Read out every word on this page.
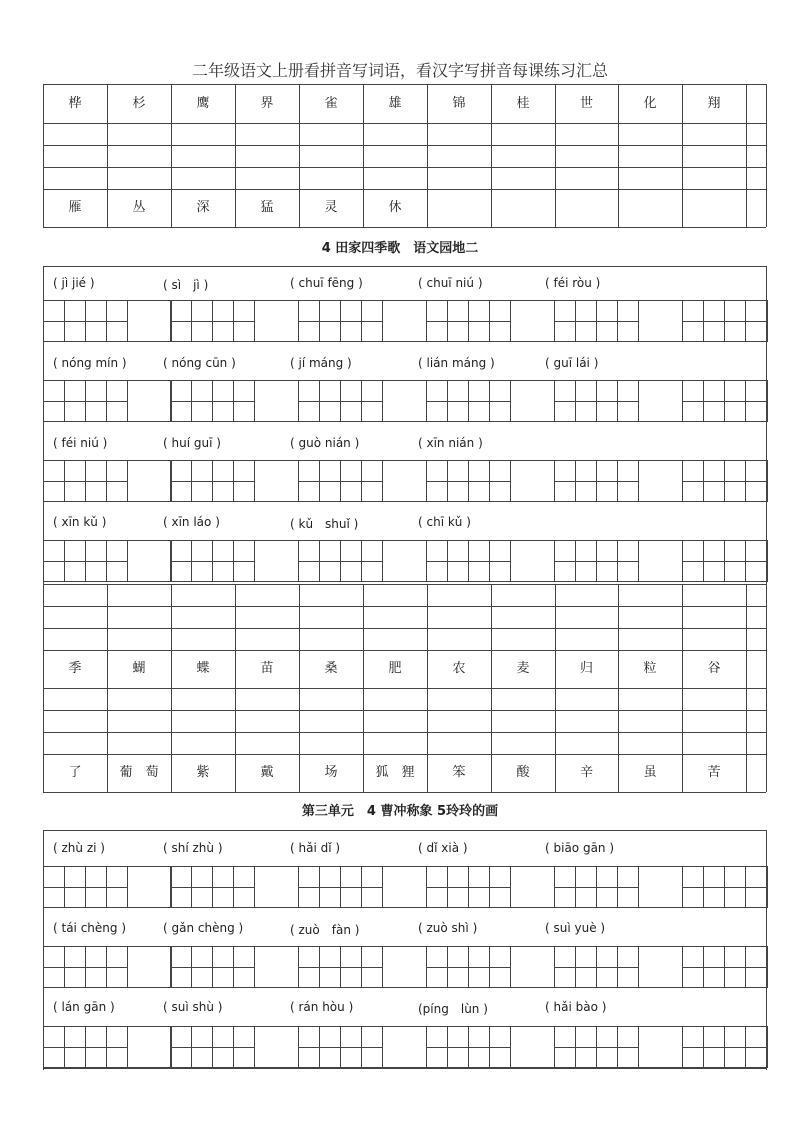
二年级语文上册看拼音写词语，看汉字写拼音每课练习汇总
桦	杉	鹰	界	雀	雄	锦	桂	世	化	翔
雁	丛	深	猛	灵	休
4 田家四季歌　语文园地二
( jì jié )	( sì　jì )	( chuī fēng )	( chuī niú )	( féi ròu )
( nóng mín )	( nóng cūn )	( jí máng )	( lián máng )	( guī lái )
( féi niú )	( huí guī )	( guò nián )	( xīn nián )
( xīn kǔ )	( xīn láo )	( kǔ　shuǐ )	( chī kǔ )
季	蝴	蝶	苗	桑	肥	农	麦	归	粒	谷
了	葡　萄	紫	戴	场	狐　狸	笨	酸	辛	虽	苦
第三单元　4 曹冲称象 5玲玲的画
( zhù zi )	( shí zhù )	( hǎi dǐ )	( dǐ xià )	( biāo gān )
( tái chèng )	( gǎn chèng )	( zuò　fàn )	( zuò shì )	( suì yuè )
( lán gān )	( suì shù )	( rán hòu )	(píng　lùn )	( hǎi bào )
